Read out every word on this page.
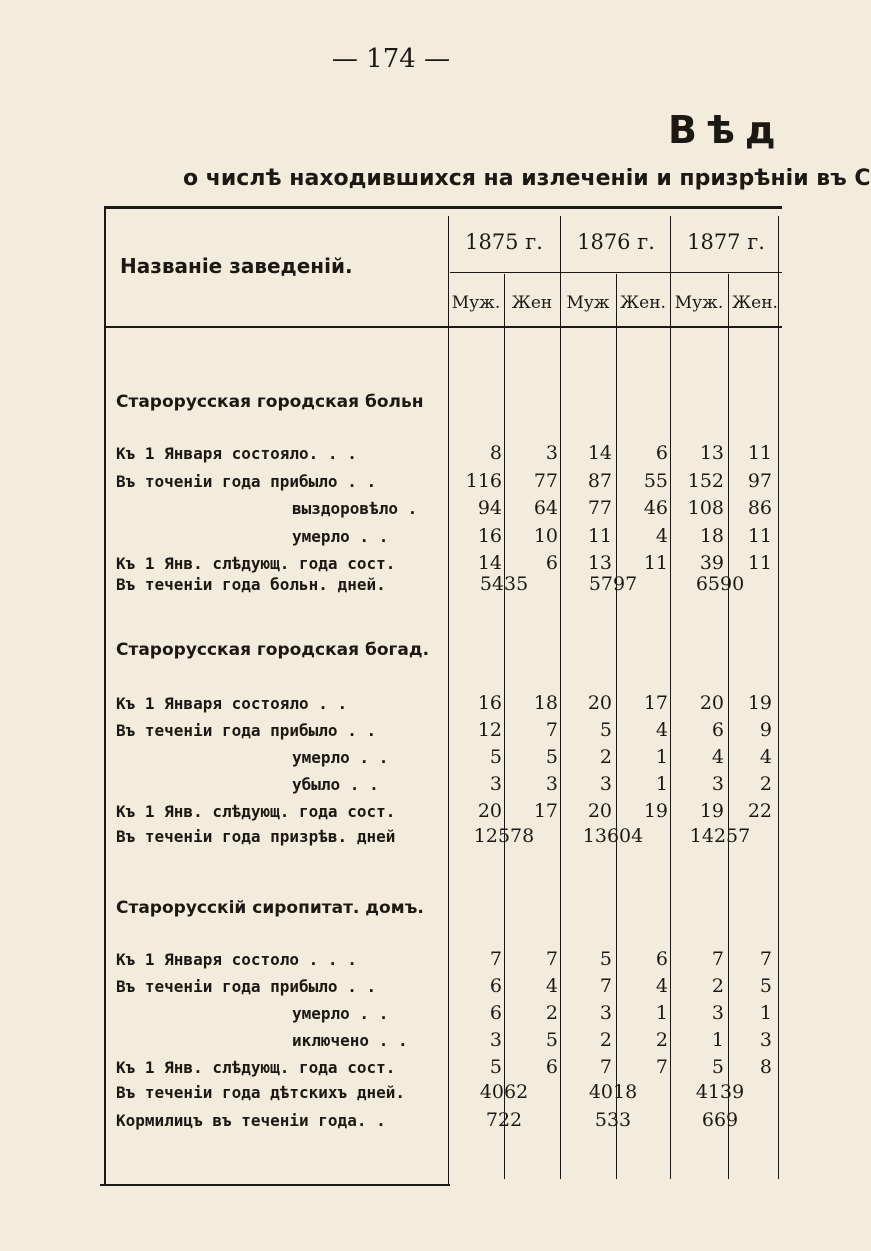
— 174 —
Вѣд
о числѣ находившихся на излеченіи и призрѣніи въ С
Названіе заведеній.
1875 г.	1876 г.	1877 г.
Муж. Жен Муж Жен. Муж. Жен.
Старорусская городская больн
Къ 1 Января состояло. . .	8	3	14	6	13	11
Въ точеніи года прибыло . .	116	77	87	55	152	97
выздоровѣло .	94	64	77	46	108	86
умерло . .	16	10	11	4	18	11
Къ 1 Янв. слѣдующ. года сост.	14	6	13	11	39	11
Въ теченіи года больн. дней.	5435	5797	6590
Старорусская городская богад.
Къ 1 Января состояло . .	16	18	20	17	20	19
Въ теченіи года прибыло . .	12	7	5	4	6	9
умерло . .	5	5	2	1	4	4
убыло . .	3	3	3	1	3	2
Къ 1 Янв. слѣдующ. года сост.	20	17	20	19	19	22
Въ теченіи года призрѣв. дней	12578	13604	14257
Старорусскій сиропитат. домъ.
Къ 1 Января состоло . . .	7	7	5	6	7	7
Въ теченіи года прибыло . .	6	4	7	4	2	5
умерло . .	6	2	3	1	3	1
иключено . .	3	5	2	2	1	3
Къ 1 Янв. слѣдующ. года сост.	5	6	7	7	5	8
Въ теченіи года дѣтскихъ дней.	4062	4018	4139
Кормилицъ въ теченіи года. .	722	533	669
